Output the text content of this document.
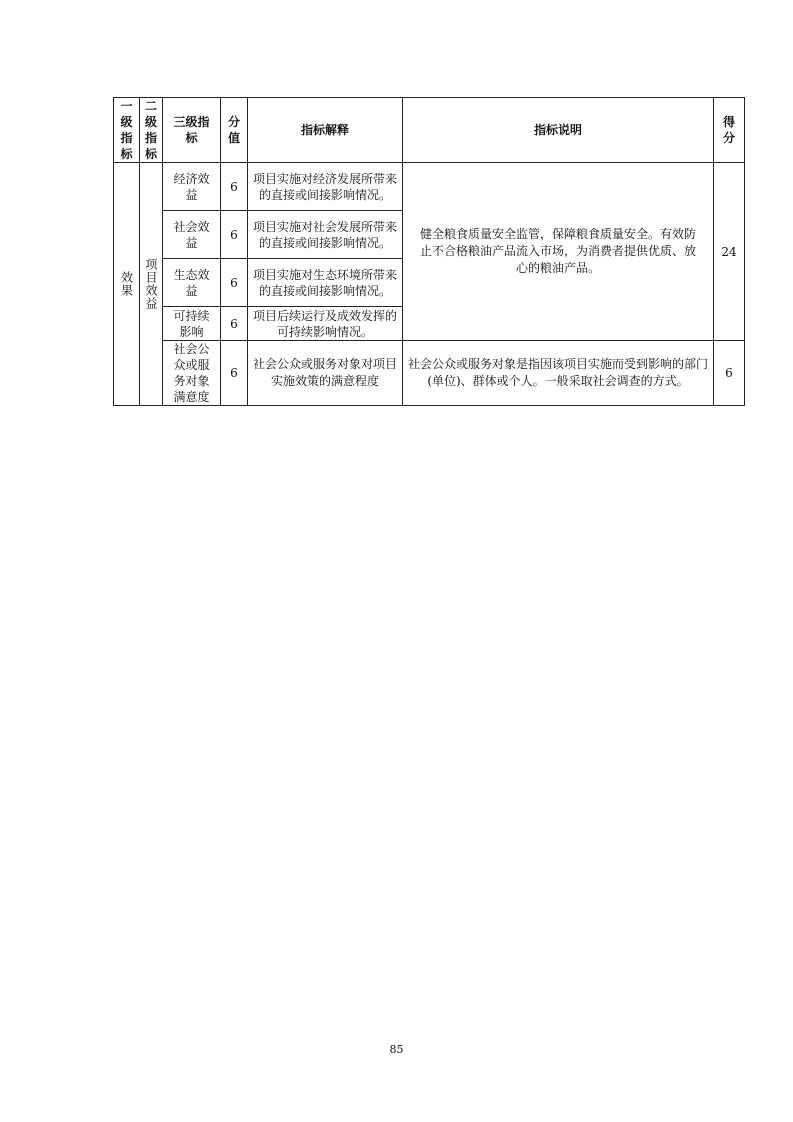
一级指标	二级指标	三级指标	分值	指标解释	指标说明	得分
效果	项目效益	经济效益	6	项目实施对经济发展所带来的直接或间接影响情况。	健全粮食质量安全监管，保障粮食质量安全。有效防止不合格粮油产品流入市场，为消费者提供优质、放心的粮油产品。	24
		社会效益	6	项目实施对社会发展所带来的直接或间接影响情况。		
		生态效益	6	项目实施对生态环境所带来的直接或间接影响情况。		
		可持续影响	6	项目后续运行及成效发挥的可持续影响情况。		
		社会公众或服务对象满意度	6	社会公众或服务对象对项目实施效策的满意程度	社会公众或服务对象是指因该项目实施而受到影响的部门(单位)、群体或个人。一般采取社会调查的方式。	6
85
